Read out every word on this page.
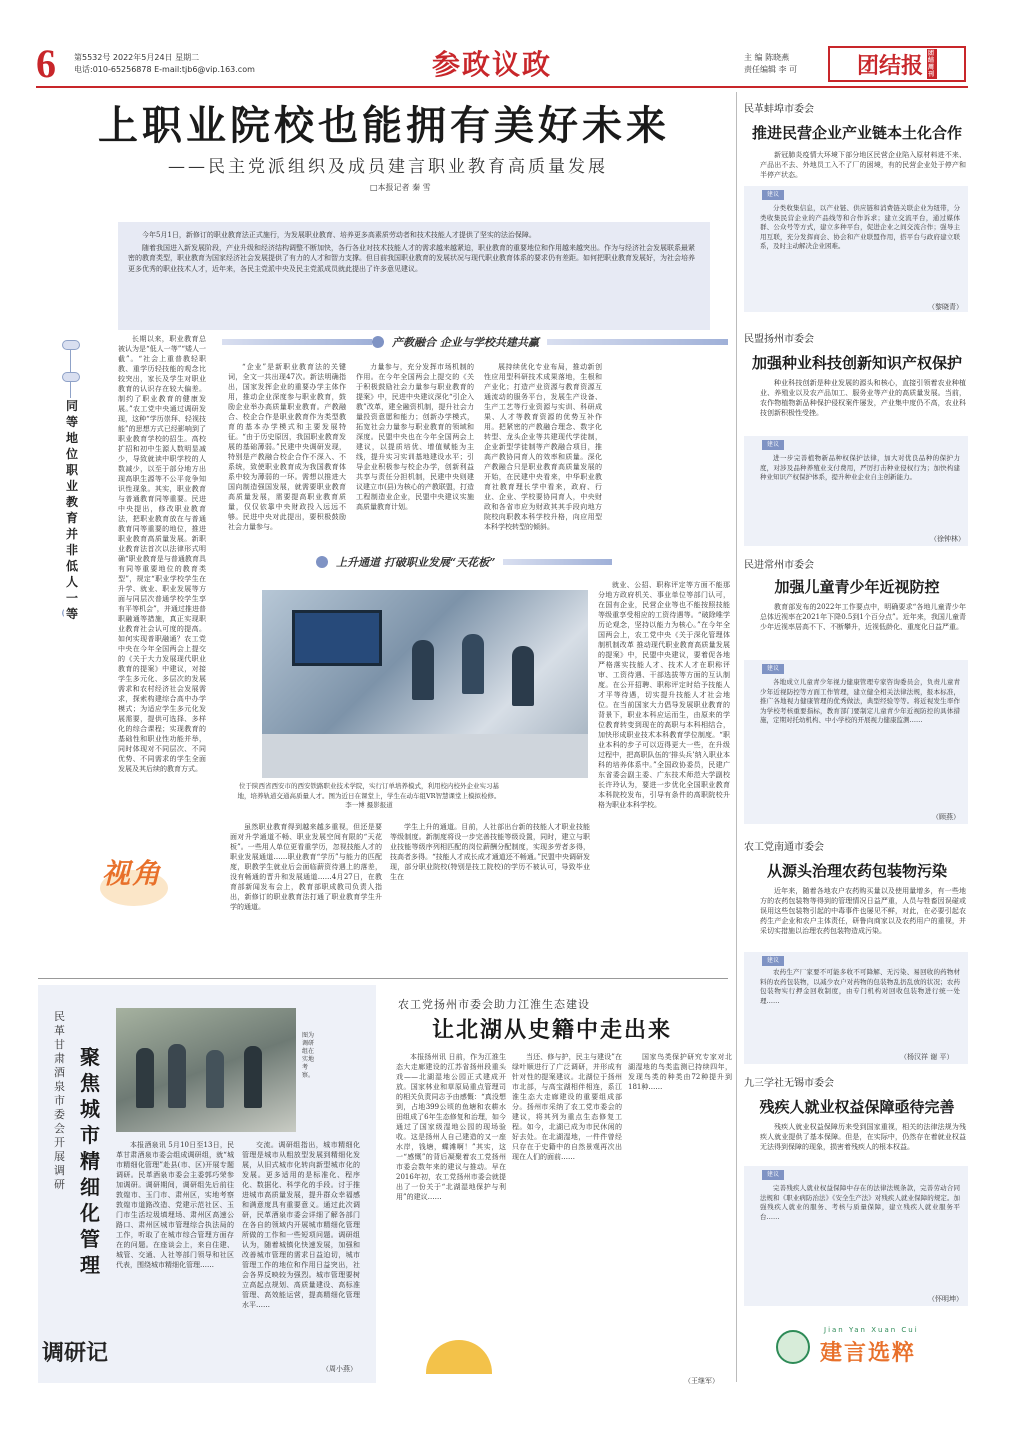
6 第5532号 2022年5月24日 星期二
电话:010-65256878 E-mail:tjb6@vip.163.com	参政议政	主 编 陈晓燕
责任编辑 李 可	团结报 团结周刊
上职业院校也能拥有美好未来
——民主党派组织及成员建言职业教育高质量发展
□本报记者 秦 雪

今年5月1日，新修订的职业教育法正式施行，为发展职业教育、培养更多高素质劳动者和技术技能人才提供了坚实的法治保障。

随着我国进入新发展阶段，产业升级和经济结构调整不断加快，各行各业对技术技能人才的需求越来越紧迫，职业教育的重要地位和作用越来越突出。作为与经济社会发展联系最紧密的教育类型，职业教育为国家经济社会发展提供了有力的人才和智力支撑。但目前我国职业教育的发展状况与现代职业教育体系的要求仍有差距。如何把职业教育发展好，为社会培养更多优秀的职业技术人才，近年来，各民主党派中央及民主党派成员就此提出了许多意见建议。

同等地位 职业教育并非低人一等

长期以来，职业教育总被认为是“低人一等”“矮人一截”。“社会上重普教轻职教、重学历轻技能的观念比较突出，家长及学生对职业教育的认识存在较大偏差。制约了职业教育的健康发展。”农工党中央通过调研发现，这种“学历崇拜、轻视技能”的思想方式已经影响到了职业教育学校的招生。高校扩招和初中生源人数明显减少，导致就读中职学校的人数减少，以至于部分地方出现高职生源等不公平竞争知识性现象。其实，职业教育与普通教育同等重要。民进中央提出，修改职业教育法，把职业教育放在与普通教育同等重要的地位，推进职业教育高质量发展。新职业教育法首次以法律形式明确“职业教育是与普通教育具有同等重要地位的教育类型”，规定“职业学校学生在升学、就业、职业发展等方面与同层次普通学校学生享有平等机会”，并通过推进普职融通等措施，真正实现职业教育社会认可度的提高。如何实现普职融通？农工党中央在今年全国两会上提交的《关于大力发展现代职业教育的提案》中建议，对接学生多元化、多层次的发展需求和农村经济社会发展需求，探索构建综合高中办学模式；为适应学生多元化发展需要，提供可选择、多样化的综合课程；实现教育的基础性和职业性功能并举，同时体现对不同层次、不同优势、不同需求的学生全面发展及其后续的教育方式。

产教融合 企业与学校共建共赢

“企业”是新职业教育法的关键词，全文一共出现47次。新法明确指出，国家发挥企业的重要办学主体作用，推动企业深度参与职业教育，鼓励企业举办高质量职业教育。产教融合、校企合作是职业教育作为类型教育的基本办学模式和主要发展特征。“由于历史原因，我国职业教育发展的基础薄弱。”民建中央调研发现，特别是产教融合校企合作不深入、不系统，致使职业教育成为我国教育体系中较为薄弱的一环。需想以推进大国向制造强国发展，就需要职业教育高质量发展，需要提高职业教育质量，仅仅依靠中央财政投入远远不够。民进中央对此提出，要积极鼓励社会力量参与。

力量参与，充分发挥市场机制的作用。在今年全国两会上提交的《关于积极鼓励社会力量参与职业教育的提案》中，民进中央建议深化“引企入教”改革，建全融资机制，提升社会力量投资意愿和能力；创新办学模式，拓宽社会力量参与职业教育的领域和深度。民盟中央也在今年全国两会上建议，以提质培优、增值赋能为主线，提升实习实训基地建设水平；引导企业积极参与校企办学，创新利益共享与责任分担机制，民建中央则建议建立市(县)为核心的产教联盟，打造工程制造业企业，民盟中央建议实施高质量教育计划。

展持续优化专业布局，推动新创性应用型科研技术成果落地，生根和产业化；打造产业资源与教育资源互通流动的服务平台，发展生产设备、生产工艺等行业资源与实训、科研成果、人才等教育资源的优势互补作用。把紧密的产教融合理念、数字化转型、龙头企业等共建现代学徒制，企业新型学徒制等产教融合项目，推高产教协同育人的效率和质量。深化产教融合只是职业教育高质量发展的开始，在民建中央看来，中华职业教育社教育理长学中看来，政府、行业、企业、学校要协同育人，中央财政和各省市应为财政其其手段向地方院校向职教本科学校升格，向应用型本科学校转型的倾斜。

上升通道 打破职业发展“天花板”
位于陕西省西安市的西安铁路职业技术学院，实行订单培养模式，利用校内校外企业实习基地，培养轨道交通高质量人才。图为近日在课堂上，学生在动车组VR智慧课堂上模拟检修。 李一博 摄影报道

就业、公招、职称评定等方面不能那分地方政府机关、事业单位等部门认可，在国有企业，民营企业等也不能按照技能等级重享受相应的工资待遇等。“破除唯学历论观念，坚持以能力为核心。”在今年全国两会上，农工党中央《关于深化管理体制机制改革 推动现代职业教育高质量发展的提案》中，民盟中央建议，要着促各地严格落实技能人才、技术人才在职称评审、工资待遇、干部选拔等方面的互认制度。在公开招聘、职称评定时给予技能人才平等待遇，切实提升技能人才社会地位。在当前国家大力倡导发展职业教育的背景下，职业本科应运而生，由原来的学位教育转变到现在的高职与本科相结合，加快形成职业技术本科教育学位制度。“职业本科的步子可以迈得更大一些，在升级过程中，把高职队伍的‘排头兵’纳入职业本科的培养体系中。”全国政协委员，民建广东省委会副主委、广东技术师范大学副校长许玲认为，要进一步优化全国职业教育本科院校发布，引导有条件的高职院校升格为职业本科学校。

虽然职业教育得到越来越多重视，但还是要面对升学通道不畅、职业发展空间有限的“天花板”。一些用人单位更看重学历，忽视技能人才的职业发展通道……职业教育“学历”与能力的匹配度，职教学生就业后会面临薪资待遇上的落差，没有畅通的晋升和发展通道……4月27日，在教育部新闻发布会上，教育部职成教司负责人指出，新修订的职业教育法打通了职业教育学生升学的通道。

学生上升的通道。目前，人社部出台新的技能人才职业技能等级制度。新制度将设一步完善技能等级设置，同时，建立与职业技能等级序列相匹配的岗位薪酬分配制度，实现多劳者多得，技高者多得。“技能人才成长成才通道还不畅通。”民盟中央调研发现，部分职业院校(特别是技工院校)的学历不被认可，导致毕业生在

视角
民革甘肃酒泉市委会开展调研
聚焦城市精细化管理
图为调研组在实地考察。

本报酒泉讯 5月10日至13日，民革甘肃酒泉市委会组成调研组，就“城市精细化管理”赴县(市、区)开展专题调研。民革酒泉市委会主委郭巧荣参加调研。调研期间，调研组先后前往敦煌市、玉门市、肃州区，实地考察敦煌市道路改造、党建示范社区、玉门市生活垃圾填埋场、肃州区高速公路口、肃州区城市管理综合执法局的工作，听取了在城市综合管理方面存在的问题。在座谈会上，来自住建、城管、交通、人社等部门领导和社区代表，围绕城市精细化管理……

交流。调研组指出，城市精细化管理是城市从粗放型发展到精细化发展，从旧式城市化转向新型城市化的发展。更多适用的是标准化、程序化、数据化、科学化的手段。讨于推进城市高质量发展，提升群众幸福感和满意度具有重要意义。通过此次调研，民革酒泉市委会详细了解各部门在各自的领域内开展城市精细化管理所做的工作和一些短项问题。调研组认为，随着城镇化快速发展，加强和改善城市管理的需求日益迫切，城市管理工作的地位和作用日益突出，社会各界反映较为强烈。城市管理要树立高起点规划、高质量建设、高标准管理、高效能运营，提高精细化管理水平……

（周小燕）
调研记
农工党扬州市委会助力江淮生态建设
让北湖从史籍中走出来

本报扬州讯 日前，作为江淮生态大走廊建设的江苏省扬州段重头戏——北湖湿地公园正式建成开放。国家林业和草原局重点管理司的相关负责同志予由感慨：“真没想到，占地399公顷的鱼塘和农耕水田组成了6年生态修复和治理，如今通过了国家级湿地公园的现场验收。这是扬州人自己建造的又一座水岸，钱塘，蝶滩啊！”其实，这一“感慨”的背后凝聚着农工党扬州市委会数年来的建议与推动。早在2016年初，农工党扬州市委会就提出了一份关于“北湖湿地保护与利用”的建议……

当还、修与护，民主与建设”在绿叶顺进行了广泛调研，并形成有针对性的提案建议。北湖位于扬州市北部，与高宝湖相伴相连，系江淮生态大走廊建设的重要组成部分。扬州市采纳了农工党市委会的建议，将其列为重点生态修复工程。如今，北湖已成为市民休闲的好去处。在北湖湿地，一件件曾经只存在于史籍中的自然景观再次出现在人们的面前……

国家鸟类保护研究专家对北湖湿地的鸟类监测已持续四年，发现鸟类的种类由72种提升到181种……

（王继军）
民革蚌埠市委会
推进民营企业产业链本土化合作

新冠肺炎疫情大环境下部分地区民营企业陷入原材料进不来、产品出不去、外地员工入不了厂的困境，有的民营企业处于停产和半停产状态。

建议

分类收集信息，以产业链、供应链和消费链关联企业为纽带，分类收集民营企业的产品线等和合作诉求；建立交流平台，通过媒体群、公众号等方式，建立多种平台，促进企业之间交流合作；强导主用互联，充分发挥商会、协会和产业联盟作用，搭平台与政府建立联系，及时主动解决企业困难。

（黎晓青）
民盟扬州市委会
加强种业科技创新知识产权保护

种业科技创新是种业发展的源头和核心，直接引领着农业种植业、养殖业以及农产品加工、服务业等产业的高质量发展。当前，农作物植物新品种保护侵权案件屡发，产业集中度仍不高，农业科技创新积极性受挫。

建议

进一步完善植物新品种权保护法律，加大对优良品种的保护力度，对涉及品种养殖业支付费用，严厉打击种业侵权行为；加快构建种业知识产权保护体系，提升种业企业自主创新能力。

（徐钟林）
民进常州市委会
加强儿童青少年近视防控

教育部发布的2022年工作要点中，明确要求“各地儿童青少年总体近视率在2021年下降0.5到1个百分点”。近年来，我国儿童青少年近视率居高不下、不断攀升，近视低龄化、重度化日益严重。

建议

各地成立儿童青少年视力健康管理专家咨询委员会，负责儿童青少年近视防控等方面工作管理，建立健全相关法律法规，报本标准，推广各地视力健康管理的优秀做法，典型经验等等。将近视发生率作为学校考核重要指标，教育部门要制定儿童青少年近视防控的具体措施，定期对托幼机构、中小学校的开展视力健康监测……

（顾燕）
农工党南通市委会
从源头治理农药包装物污染

近年来，随着各地农户农药购买量以及使用量增多，有一些地方的农药包装物等得到的管理情况日益严重，人员与牲畜因误碰或误用这些包装物引起的中毒事件也屡见不鲜，对此，在必要引起农药生产企业和农户主体责任，研鲁向商家以及农药用户的重视，并采切实措施以治理农药包装物造成污染。

建议

农药生产厂家要不可能多收不可降解、无污染、易回收的药物材料的农药包装物，以减少农户对药物的包装物乱扔乱放的状况；农药包装物实行押金回收制度，由专门机构对回收包装物进行统一处理……

（杨汉祥 谢 平）
九三学社无锡市委会
残疾人就业权益保障亟待完善

残疾人就业权益保障历来受到国家重视，相关的法律法规为残疾人就业提供了基本保障。但是，在实际中，仍然存在着就业权益无法得到保障的现象，损害着残疾人的根本权益。

建议

完善残疾人就业权益保障中存在的法律法规条款，完善劳动合同法规和《职业病防治法》《安全生产法》对残疾人就业保障的规定。加强残疾人就业的服务、考核与质量保障，建立残疾人就业服务平台……

（怀明坤）
Jian Yan Xuan Cui
建言选粹
